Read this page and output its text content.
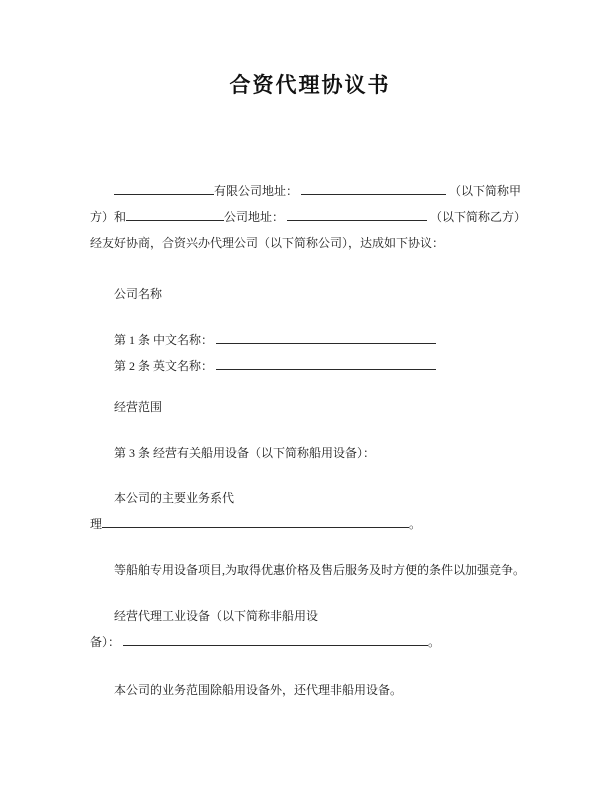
合资代理协议书
有限公司地址：	（以下简称甲
方）和	公司地址：	（以下简称乙方）
经友好协商，合资兴办代理公司（以下简称公司），达成如下协议：
公司名称
第 1 条 中文名称：
第 2 条 英文名称：
经营范围
第 3 条 经营有关船用设备（以下简称船用设备）：
本公司的主要业务系代
理	。
等船舶专用设备项目,为取得优惠价格及售后服务及时方便的条件以加强竞争。
经营代理工业设备（以下简称非船用设
备）：	。
本公司的业务范围除船用设备外，还代理非船用设备。
